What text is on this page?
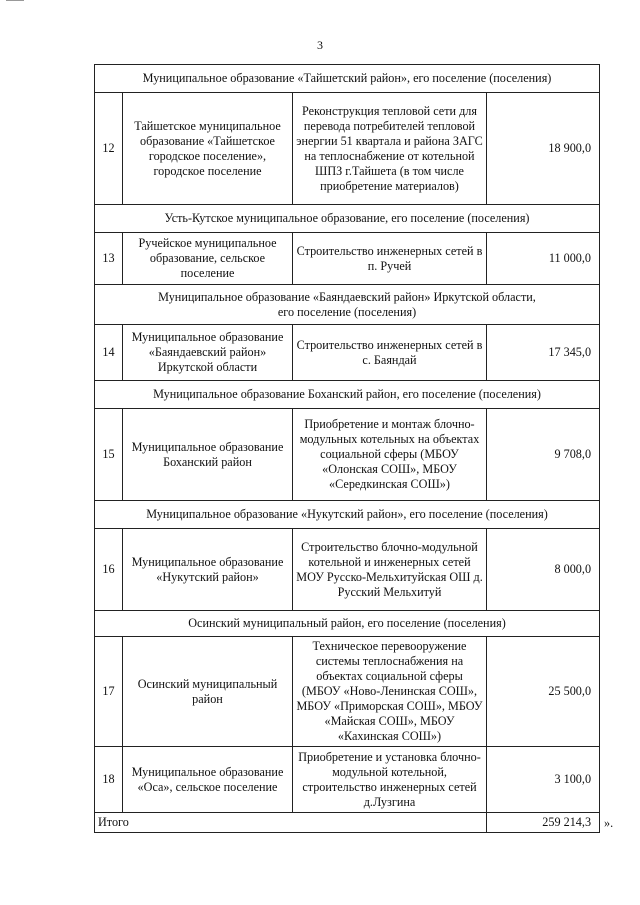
3
Муниципальное образование «Тайшетский район», его поселение (поселения)			
12	Тайшетское муниципальное образование «Тайшетское городское поселение», городское поселение	Реконструкция тепловой сети для перевода потребителей тепловой энергии 51 квартала и района ЗАГС на теплоснабжение от котельной ШПЗ г.Тайшета (в том числе приобретение материалов)	18 900,0
Усть-Кутское муниципальное образование, его поселение (поселения)			
13	Ручейское муниципальное образование, сельское поселение	Строительство инженерных сетей в п. Ручей	11 000,0
Муниципальное образование «Баяндаевский район» Иркутской области,
его поселение (поселения)			
14	Муниципальное образование «Баяндаевский район» Иркутской области	Строительство инженерных сетей в с. Баяндай	17 345,0
Муниципальное образование Боханский район, его поселение (поселения)			
15	Муниципальное образование Боханский район	Приобретение и монтаж блочно-модульных котельных на объектах социальной сферы (МБОУ «Олонская СОШ», МБОУ «Середкинская СОШ»)	9 708,0
Муниципальное образование «Нукутский район», его поселение (поселения)			
16	Муниципальное образование «Нукутский район»	Строительство блочно-модульной котельной и инженерных сетей МОУ Русско-Мельхитуйская ОШ д. Русский Мельхитуй	8 000,0
Осинский муниципальный район, его поселение (поселения)			
17	Осинский муниципальный район	Техническое перевооружение системы теплоснабжения на объектах социальной сферы (МБОУ «Ново-Ленинская СОШ», МБОУ «Приморская СОШ», МБОУ «Майская СОШ», МБОУ «Кахинская СОШ»)	25 500,0
18	Муниципальное образование «Оса», сельское поселение	Приобретение и установка блочно-модульной котельной, строительство инженерных сетей д.Лузгина	3 100,0
Итого			259 214,3 ».
